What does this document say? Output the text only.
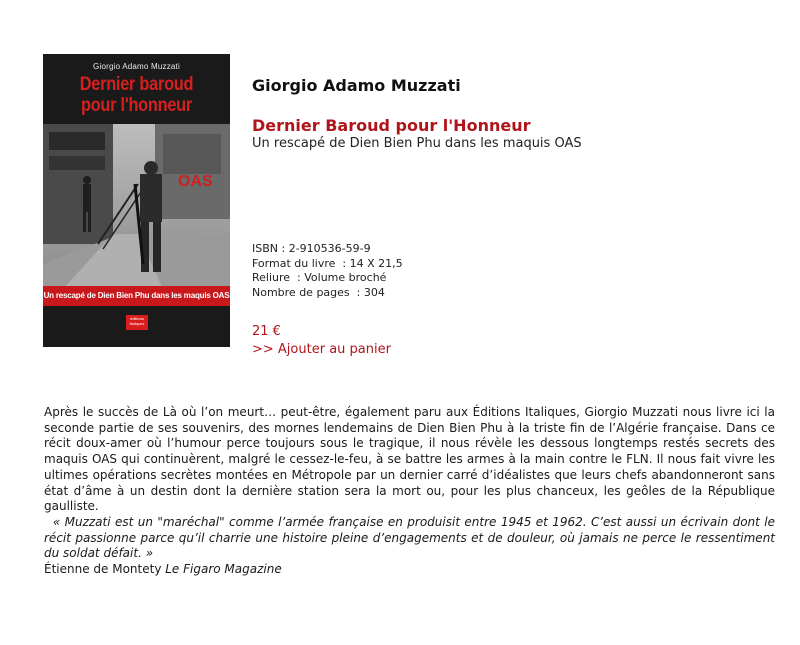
Giorgio Adamo Muzzati
Dernier baroud
pour l'honneur
OAS
Un rescapé de Dien Bien Phu dans les maquis OAS
éditions italiques
Giorgio Adamo Muzzati
Dernier Baroud pour l'Honneur
Un rescapé de Dien Bien Phu dans les maquis OAS
ISBN : 2-910536-59-9
Format du livre  : 14 X 21,5
Reliure  : Volume broché
Nombre de pages  : 304
21 €
>> Ajouter au panier

Après le succès de Là où l’on meurt… peut-être, également paru aux Éditions Italiques, Giorgio Muzzati nous livre ici la seconde partie de ses souvenirs, des mornes lendemains de Dien Bien Phu à la triste fin de l’Algérie française. Dans ce récit doux-amer où l’humour perce toujours sous le tragique, il nous révèle les dessous longtemps restés secrets des maquis OAS qui continuèrent, malgré le cessez-le-feu, à se battre les armes à la main contre le FLN. Il nous fait vivre les ultimes opérations secrètes montées en Métropole par un dernier carré d’idéalistes que leurs chefs abandonneront sans état d’âme à un destin dont la dernière station sera la mort ou, pour les plus chanceux, les geôles de la République gaulliste.

« Muzzati est un "maréchal" comme l’armée française en produisit entre 1945 et 1962. C’est aussi un écrivain dont le récit passionne parce qu’il charrie une histoire pleine d’engagements et de douleur, où jamais ne perce le ressentiment du soldat défait. »

Étienne de Montety Le Figaro Magazine
